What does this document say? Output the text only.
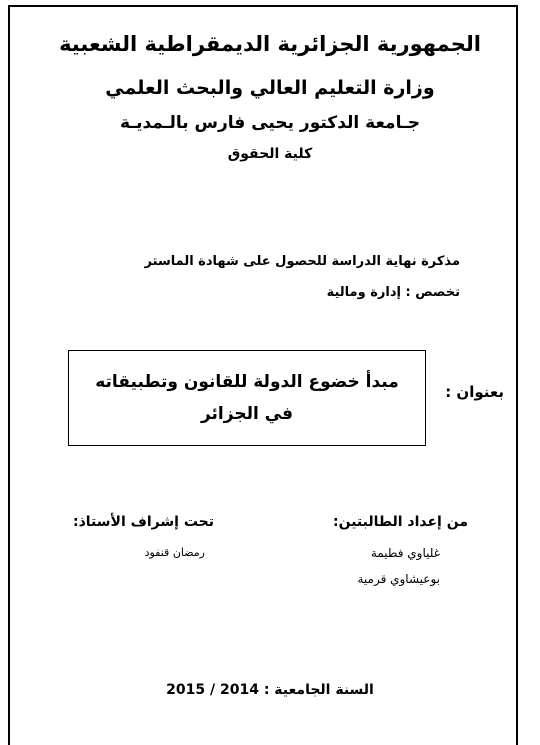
الجمهورية الجزائرية الديمقراطية الشعبية
وزارة التعليم العالي والبحث العلمي
جـامعة الدكتور يحيى فارس بالـمديـة
كلية الحقوق
مذكرة نهاية الدراسة للحصول على شهادة الماستر
تخصص : إدارة ومالية
بعنوان :
مبدأ خضوع الدولة للقانون وتطبيقاته
في الجزائر
من إعداد الطالبتين:
غلياوي فطيمة
بوعيشاوي قرمية
تحت إشراف الأستاذ:
رمضان قنفود
السنة الجامعية : 2014 / 2015
